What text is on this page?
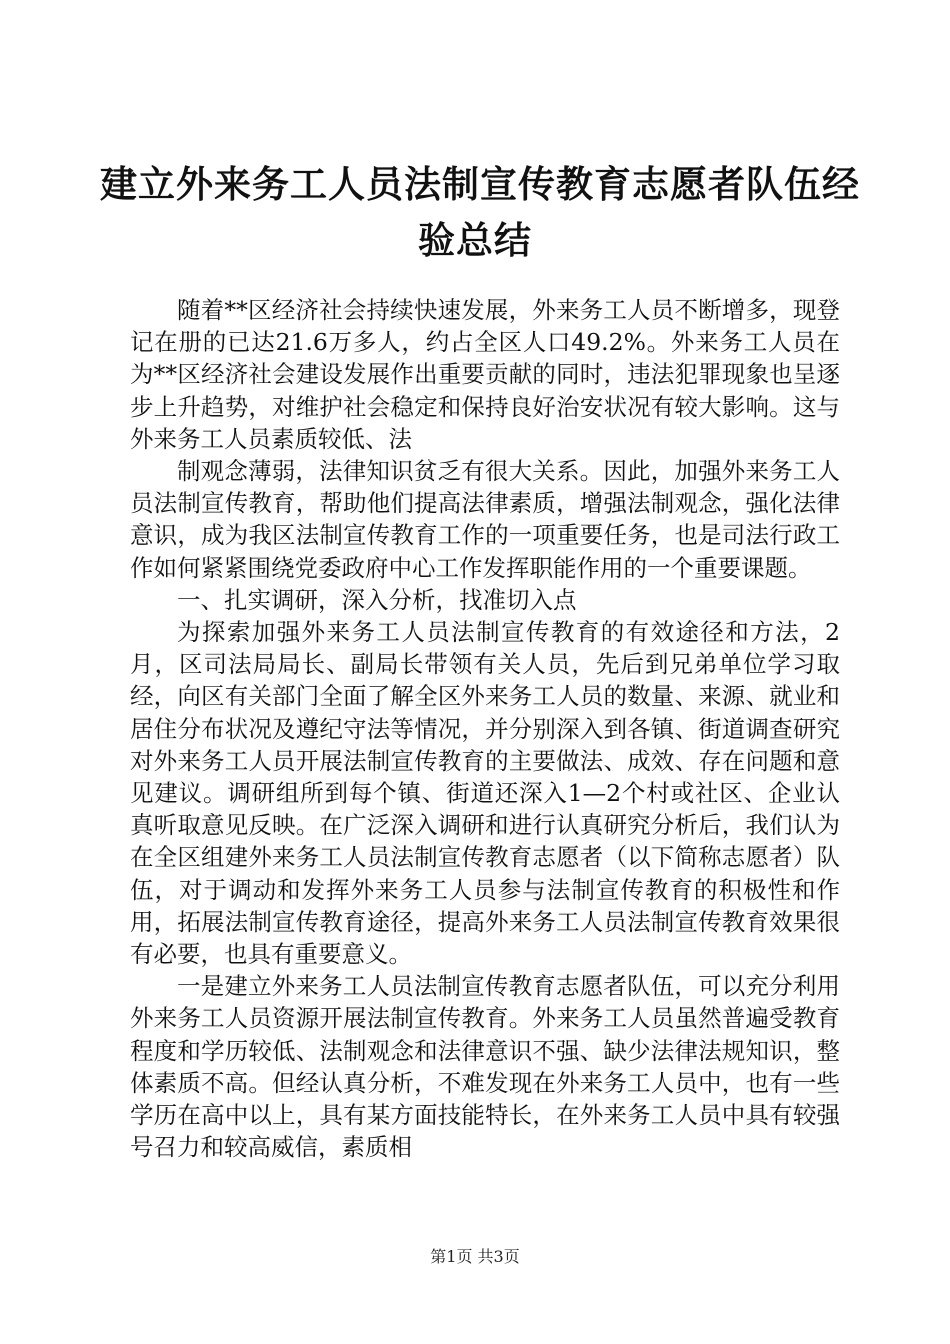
建立外来务工人员法制宣传教育志愿者队伍经
验总结

随着**区经济社会持续快速发展，外来务工人员不断增多，现登记在册的已达21.6万多人，约占全区人口49.2%。外来务工人员在为**区经济社会建设发展作出重要贡献的同时，违法犯罪现象也呈逐步上升趋势，对维护社会稳定和保持良好治安状况有较大影响。这与外来务工人员素质较低、法

制观念薄弱，法律知识贫乏有很大关系。因此，加强外来务工人员法制宣传教育，帮助他们提高法律素质，增强法制观念，强化法律意识，成为我区法制宣传教育工作的一项重要任务，也是司法行政工作如何紧紧围绕党委政府中心工作发挥职能作用的一个重要课题。

一、扎实调研，深入分析，找准切入点

为探索加强外来务工人员法制宣传教育的有效途径和方法，2月，区司法局局长、副局长带领有关人员，先后到兄弟单位学习取经，向区有关部门全面了解全区外来务工人员的数量、来源、就业和居住分布状况及遵纪守法等情况，并分别深入到各镇、街道调查研究对外来务工人员开展法制宣传教育的主要做法、成效、存在问题和意见建议。调研组所到每个镇、街道还深入1—2个村或社区、企业认真听取意见反映。在广泛深入调研和进行认真研究分析后，我们认为在全区组建外来务工人员法制宣传教育志愿者（以下简称志愿者）队伍，对于调动和发挥外来务工人员参与法制宣传教育的积极性和作用，拓展法制宣传教育途径，提高外来务工人员法制宣传教育效果很有必要，也具有重要意义。

一是建立外来务工人员法制宣传教育志愿者队伍，可以充分利用外来务工人员资源开展法制宣传教育。外来务工人员虽然普遍受教育程度和学历较低、法制观念和法律意识不强、缺少法律法规知识，整体素质不高。但经认真分析，不难发现在外来务工人员中，也有一些学历在高中以上，具有某方面技能特长，在外来务工人员中具有较强号召力和较高威信，素质相

第1页 共3页
